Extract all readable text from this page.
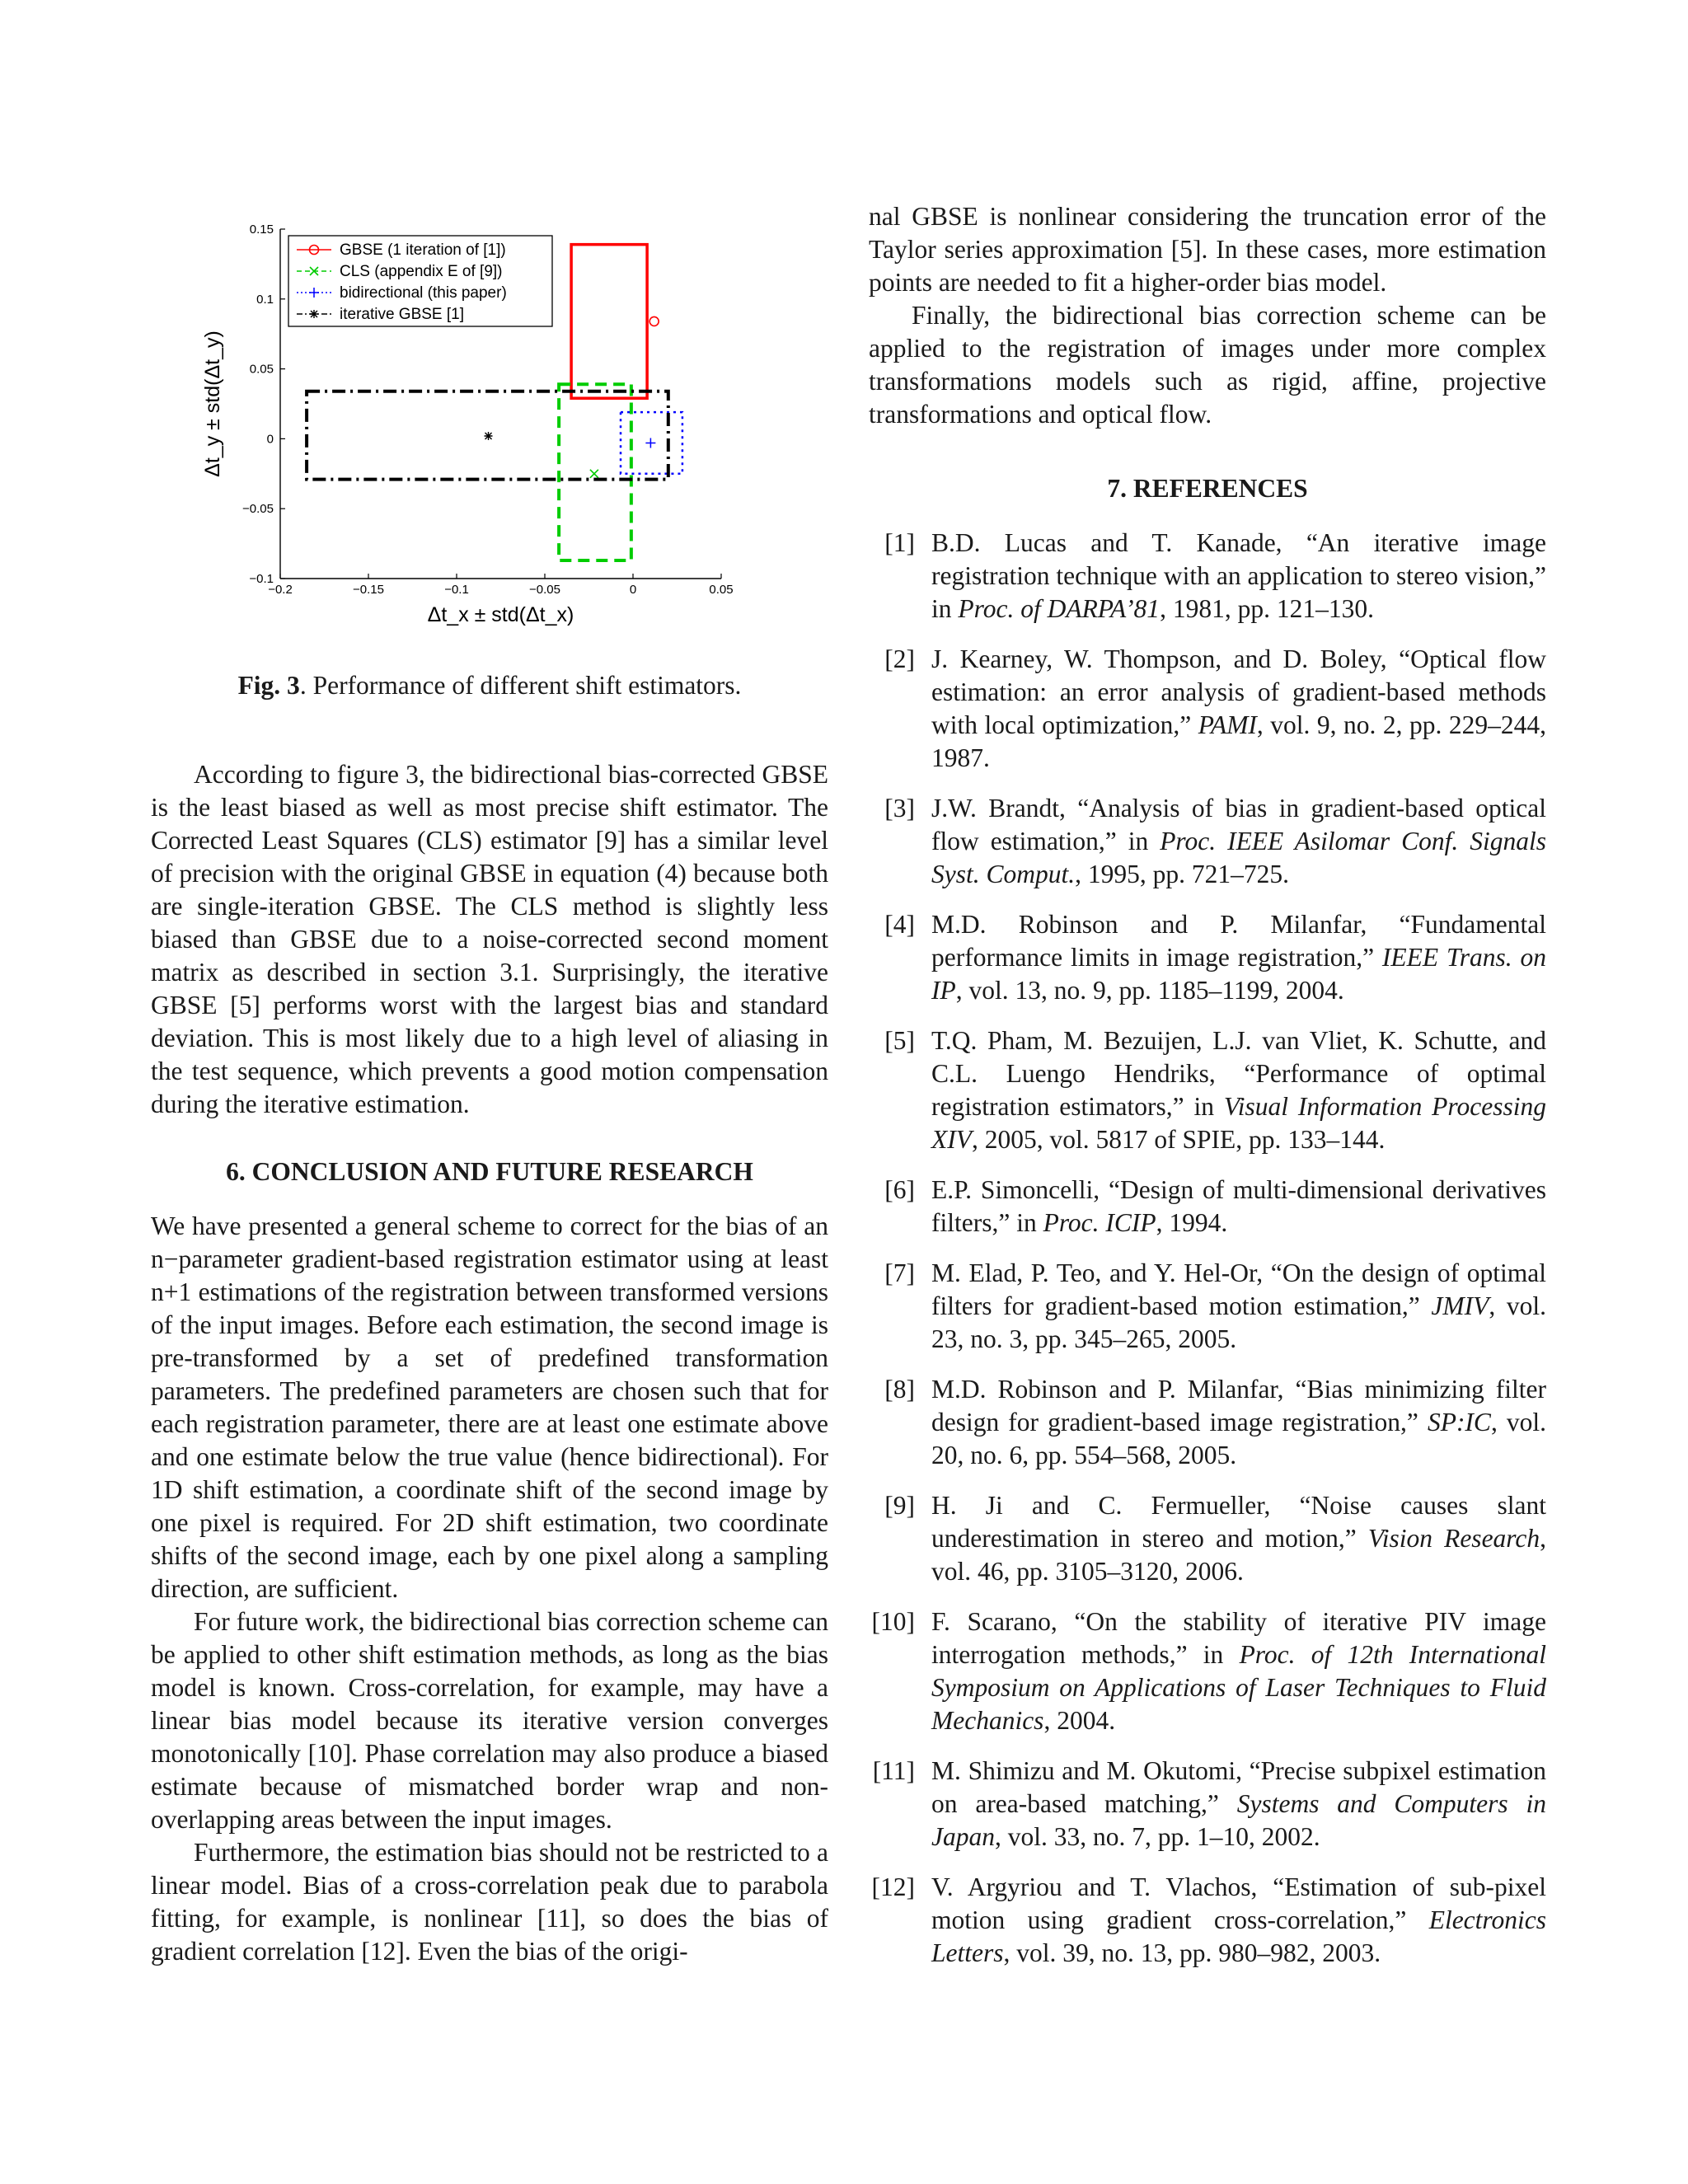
−0.2	−0.15	−0.1	−0.05	0	0.05
−0.1
−0.05
0
0.05
0.1
0.15
Δt_x ± std(Δt_x)
Δt_y ± std(Δt_y)
GBSE (1 iteration of [1])
CLS (appendix E of [9])
bidirectional (this paper)
iterative GBSE [1]
Fig. 3. Performance of different shift estimators.

According to figure 3, the bidirectional bias-corrected GBSE is the least biased as well as most precise shift estimator. The Corrected Least Squares (CLS) estimator [9] has a similar level of precision with the original GBSE in equation (4) because both are single-iteration GBSE. The CLS method is slightly less biased than GBSE due to a noise-corrected second moment matrix as described in section 3.1. Surprisingly, the iterative GBSE [5] performs worst with the largest bias and standard deviation. This is most likely due to a high level of aliasing in the test sequence, which prevents a good motion compensation during the iterative estimation.

6. CONCLUSION AND FUTURE RESEARCH

We have presented a general scheme to correct for the bias of an n−parameter gradient-based registration estimator using at least n+1 estimations of the registration between transformed versions of the input images. Before each estimation, the second image is pre-transformed by a set of predefined transformation parameters. The predefined parameters are chosen such that for each registration parameter, there are at least one estimate above and one estimate below the true value (hence bidirectional). For 1D shift estimation, a coordinate shift of the second image by one pixel is required. For 2D shift estimation, two coordinate shifts of the second image, each by one pixel along a sampling direction, are sufficient.

For future work, the bidirectional bias correction scheme can be applied to other shift estimation methods, as long as the bias model is known. Cross-correlation, for example, may have a linear bias model because its iterative version converges monotonically [10]. Phase correlation may also produce a biased estimate because of mismatched border wrap and non-overlapping areas between the input images.

Furthermore, the estimation bias should not be restricted to a linear model. Bias of a cross-correlation peak due to parabola fitting, for example, is nonlinear [11], so does the bias of gradient correlation [12]. Even the bias of the origi-

nal GBSE is nonlinear considering the truncation error of the Taylor series approximation [5]. In these cases, more estimation points are needed to fit a higher-order bias model.

Finally, the bidirectional bias correction scheme can be applied to the registration of images under more complex transformations models such as rigid, affine, projective transformations and optical flow.

7. REFERENCES
[1] B.D. Lucas and T. Kanade, “An iterative image registration technique with an application to stereo vision,” in Proc. of DARPA’81, 1981, pp. 121–130.
[2] J. Kearney, W. Thompson, and D. Boley, “Optical flow estimation: an error analysis of gradient-based methods with local optimization,” PAMI, vol. 9, no. 2, pp. 229–244, 1987.
[3] J.W. Brandt, “Analysis of bias in gradient-based optical flow estimation,” in Proc. IEEE Asilomar Conf. Signals Syst. Comput., 1995, pp. 721–725.
[4] M.D. Robinson and P. Milanfar, “Fundamental performance limits in image registration,” IEEE Trans. on IP, vol. 13, no. 9, pp. 1185–1199, 2004.
[5] T.Q. Pham, M. Bezuijen, L.J. van Vliet, K. Schutte, and C.L. Luengo Hendriks, “Performance of optimal registration estimators,” in Visual Information Processing XIV, 2005, vol. 5817 of SPIE, pp. 133–144.
[6] E.P. Simoncelli, “Design of multi-dimensional derivatives filters,” in Proc. ICIP, 1994.
[7] M. Elad, P. Teo, and Y. Hel-Or, “On the design of optimal filters for gradient-based motion estimation,” JMIV, vol. 23, no. 3, pp. 345–265, 2005.
[8] M.D. Robinson and P. Milanfar, “Bias minimizing filter design for gradient-based image registration,” SP:IC, vol. 20, no. 6, pp. 554–568, 2005.
[9] H. Ji and C. Fermueller, “Noise causes slant underestimation in stereo and motion,” Vision Research, vol. 46, pp. 3105–3120, 2006.
[10] F. Scarano, “On the stability of iterative PIV image interrogation methods,” in Proc. of 12th International Symposium on Applications of Laser Techniques to Fluid Mechanics, 2004.
[11] M. Shimizu and M. Okutomi, “Precise subpixel estimation on area-based matching,” Systems and Computers in Japan, vol. 33, no. 7, pp. 1–10, 2002.
[12] V. Argyriou and T. Vlachos, “Estimation of sub-pixel motion using gradient cross-correlation,” Electronics Letters, vol. 39, no. 13, pp. 980–982, 2003.
